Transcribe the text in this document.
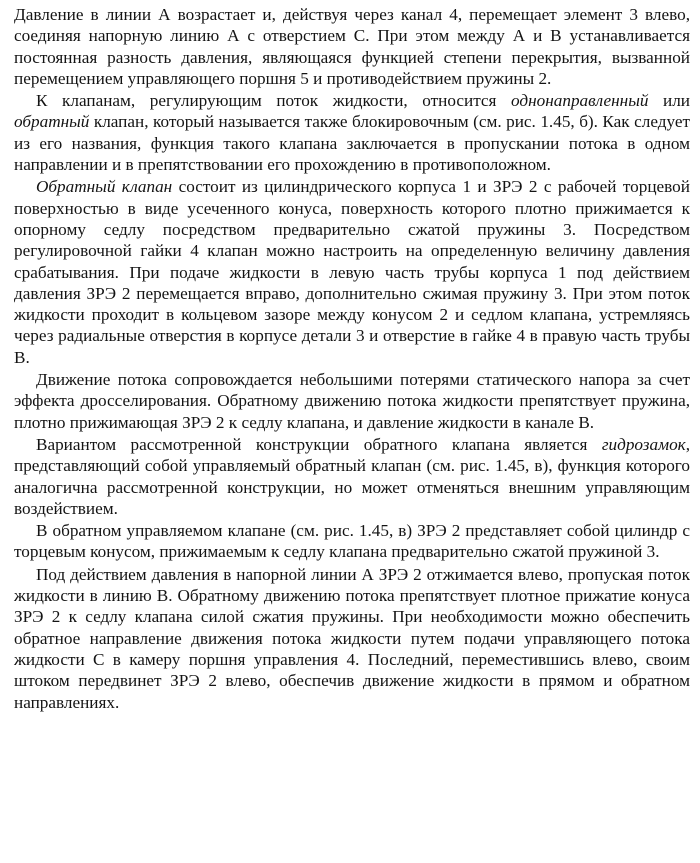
Давление в линии А возрастает и, действуя через канал 4, перемещает элемент 3 влево, соединяя напорную линию А с отверстием С. При этом между А и В устанавливается постоянная разность давления, являющаяся функцией степени перекрытия, вызванной перемещением управляющего поршня 5 и противодействием пружины 2.

К клапанам, регулирующим поток жидкости, относится однонаправленный или обратный клапан, который называется также блокировочным (см. рис. 1.45, б). Как следует из его названия, функция такого клапана заключается в пропускании потока в одном направлении и в препятствовании его прохождению в противоположном.

Обратный клапан состоит из цилиндрического корпуса 1 и ЗРЭ 2 с рабочей торцевой поверхностью в виде усеченного конуса, поверхность которого плотно прижимается к опорному седлу посредством предварительно сжатой пружины 3. Посредством регулировочной гайки 4 клапан можно настроить на определенную величину давления срабатывания. При подаче жидкости в левую часть трубы корпуса 1 под действием давления ЗРЭ 2 перемещается вправо, дополнительно сжимая пружину 3. При этом поток жидкости проходит в кольцевом зазоре между конусом 2 и седлом клапана, устремляясь через радиальные отверстия в корпусе детали 3 и отверстие в гайке 4 в правую часть трубы В.

Движение потока сопровождается небольшими потерями статического напора за счет эффекта дросселирования. Обратному движению потока жидкости препятствует пружина, плотно прижимающая ЗРЭ 2 к седлу клапана, и давление жидкости в канале В.

Вариантом рассмотренной конструкции обратного клапана является гидрозамок, представляющий собой управляемый обратный клапан (см. рис. 1.45, в), функция которого аналогична рассмотренной конструкции, но может отменяться внешним управляющим воздействием.

В обратном управляемом клапане (см. рис. 1.45, в) ЗРЭ 2 представляет собой цилиндр с торцевым конусом, прижимаемым к седлу клапана предварительно сжатой пружиной 3.

Под действием давления в напорной линии А ЗРЭ 2 отжимается влево, пропуская поток жидкости в линию В. Обратному движению потока препятствует плотное прижатие конуса ЗРЭ 2 к седлу клапана силой сжатия пружины. При необходимости можно обеспечить обратное направление движения потока жидкости путем подачи управляющего потока жидкости С в камеру поршня управления 4. Последний, переместившись влево, своим штоком передвинет ЗРЭ 2 влево, обеспечив движение жидкости в прямом и обратном направлениях.
